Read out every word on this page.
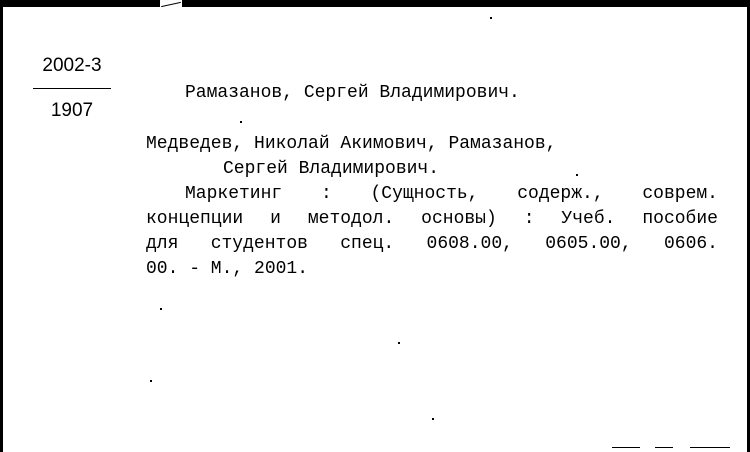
2002-3
1907
Рамазанов, Сергей Владимирович.
Медведев, Николай Акимович, Рамазанов,
Сергей Владимирович.
Маркетинг : (Сущность, содерж., соврем.
концепции и методол. основы) : Учеб. пособие
для студентов спец. 0608.00, 0605.00, 0606.
00. - М., 2001.
